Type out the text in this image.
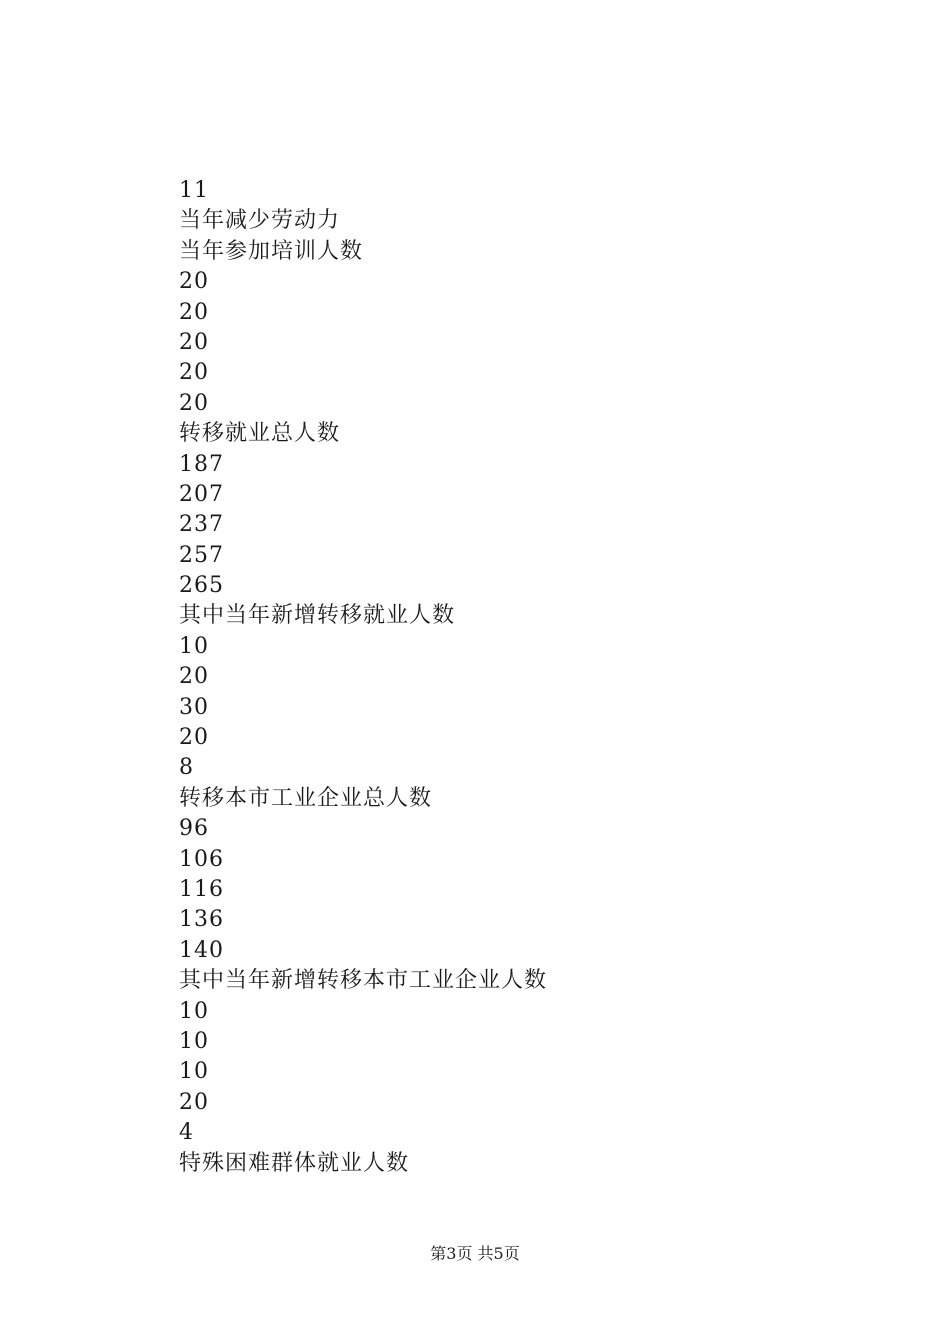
11
当年减少劳动力
当年参加培训人数
20
20
20
20
20
转移就业总人数
187
207
237
257
265
其中当年新增转移就业人数
10
20
30
20
8
转移本市工业企业总人数
96
106
116
136
140
其中当年新增转移本市工业企业人数
10
10
10
20
4
特殊困难群体就业人数
第3页 共5页
